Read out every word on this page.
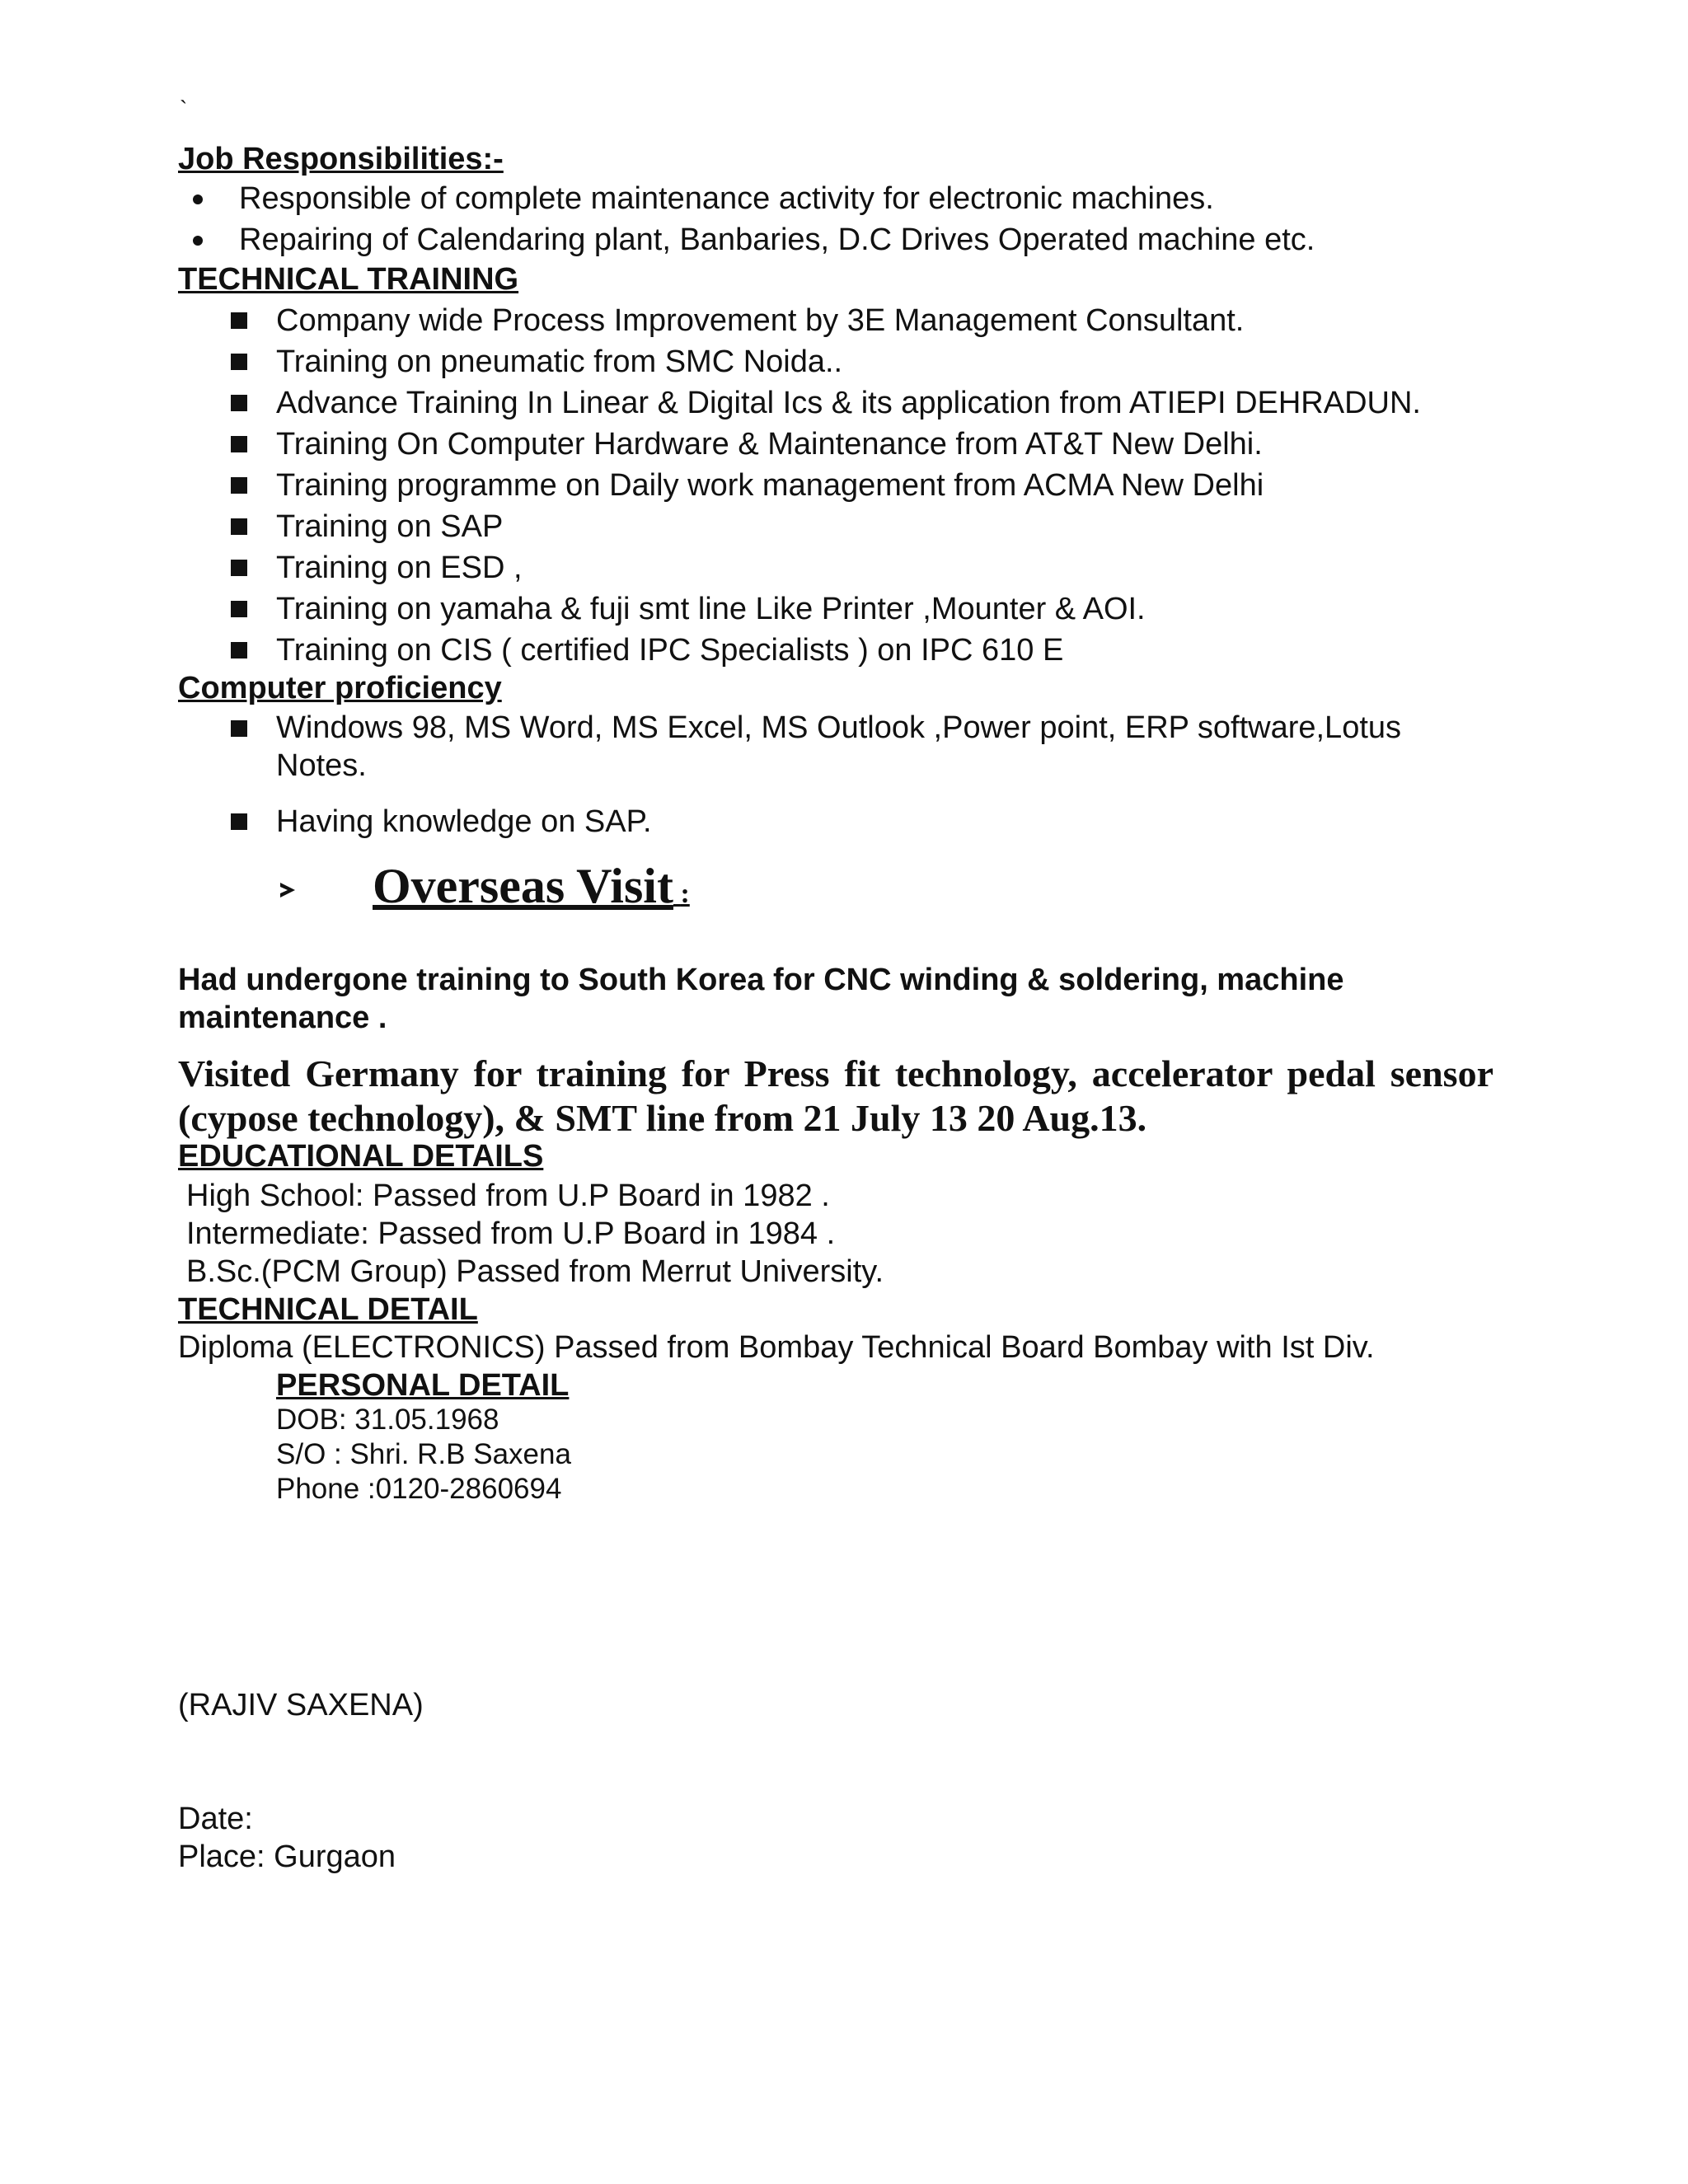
`
Job Responsibilities:-
Responsible of complete maintenance activity for electronic machines.
Repairing of Calendaring plant, Banbaries, D.C Drives Operated machine etc.
TECHNICAL TRAINING
Company wide Process Improvement by 3E Management Consultant.
Training on pneumatic from SMC Noida..
Advance Training In Linear & Digital Ics & its application from ATIEPI DEHRADUN.
Training On Computer Hardware & Maintenance from AT&T New Delhi.
Training programme on Daily work management from ACMA New Delhi
Training on SAP
Training on ESD ,
Training on yamaha & fuji smt line Like Printer ,Mounter & AOI.
Training on CIS ( certified IPC Specialists ) on IPC 610 E
Computer proficiency
Windows 98, MS Word, MS Excel, MS Outlook ,Power point, ERP software,Lotus Notes.
Having knowledge on SAP.
Overseas Visit :
Had undergone training to South Korea for CNC winding & soldering, machine maintenance .
Visited Germany for training for Press fit technology, accelerator pedal sensor (cypose technology), & SMT line from 21 July 13 20 Aug.13.
EDUCATIONAL DETAILS
High School: Passed from U.P Board in 1982 .
Intermediate: Passed from U.P Board in 1984 .
B.Sc.(PCM Group) Passed from Merrut University.
TECHNICAL DETAIL
Diploma (ELECTRONICS) Passed from Bombay Technical Board Bombay with Ist Div.
PERSONAL DETAIL
DOB: 31.05.1968
S/O : Shri. R.B Saxena
Phone :0120-2860694
(RAJIV SAXENA)
Date:
Place: Gurgaon
